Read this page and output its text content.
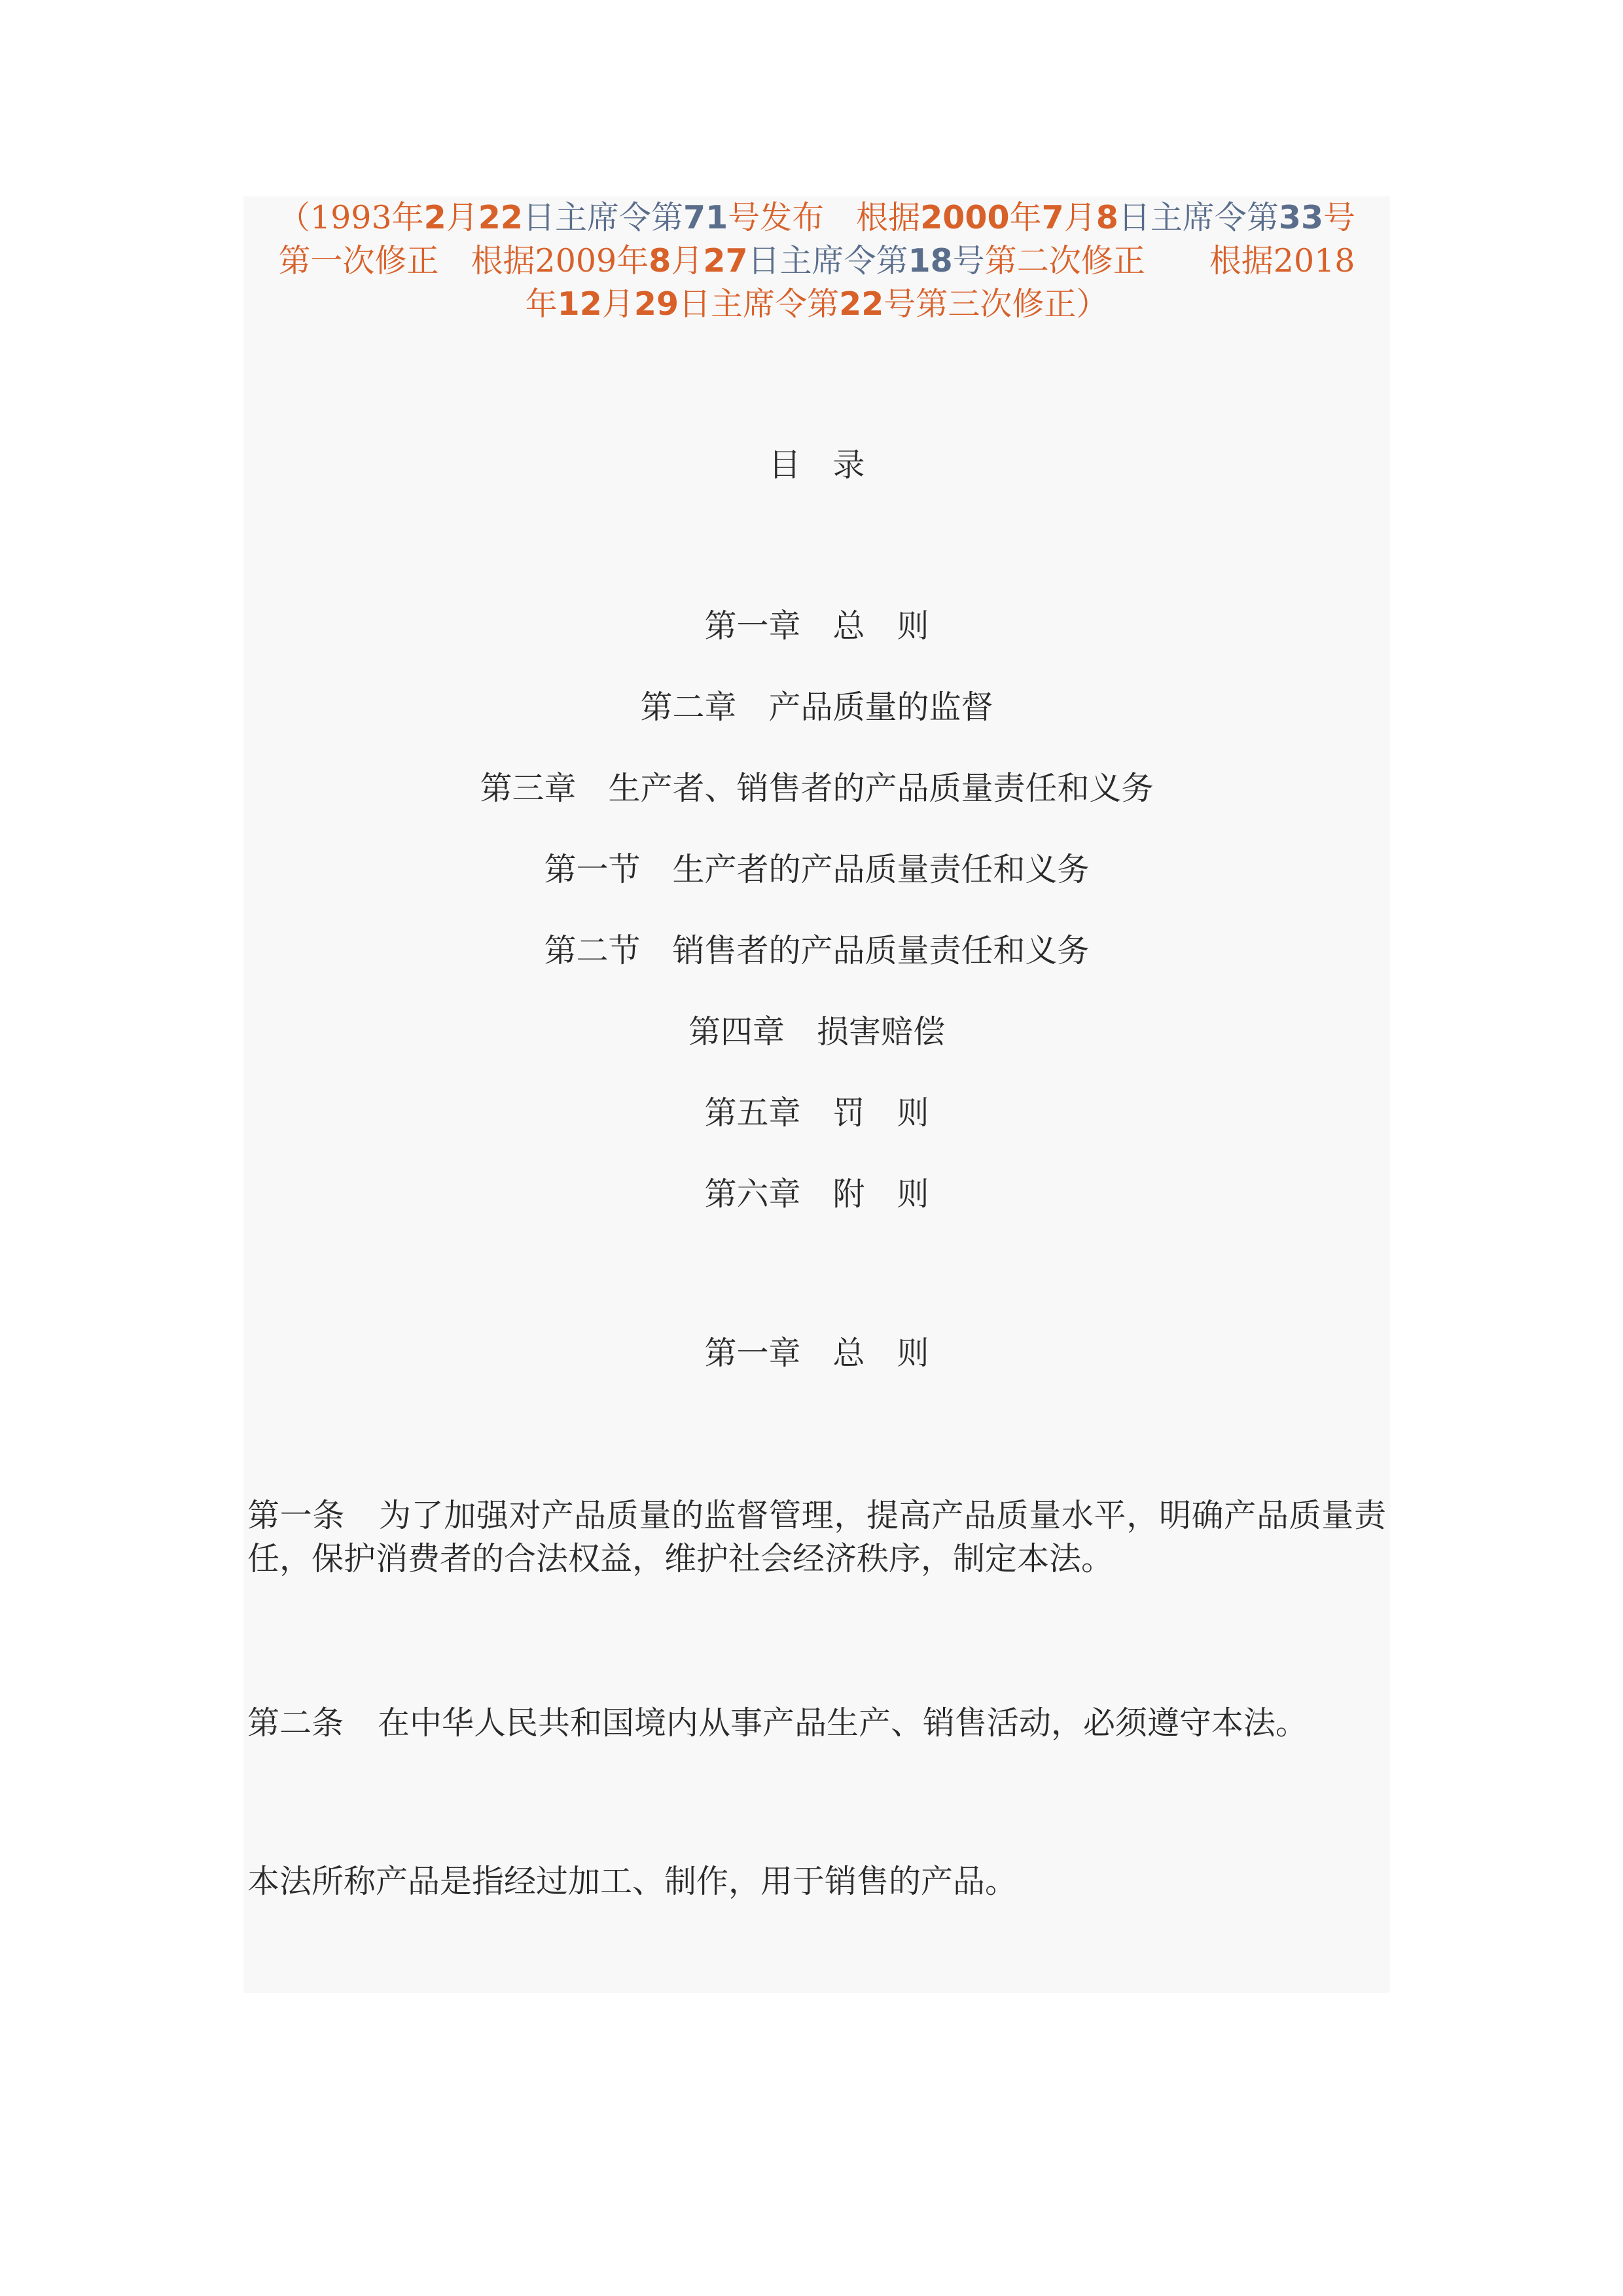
（1993年2月22日主席令第71号发布　根据2000年7月8日主席令第33号
第一次修正　根据2009年8月27日主席令第18号第二次修正　　根据2018
年12月29日主席令第22号第三次修正）
目　录
第一章　总　则
第二章　产品质量的监督
第三章　生产者、销售者的产品质量责任和义务
第一节　生产者的产品质量责任和义务
第二节　销售者的产品质量责任和义务
第四章　损害赔偿
第五章　罚　则
第六章　附　则
第一章　总　则
第一条 为了加强对产品质量的监督管理，提高产品质量水平，明确产品质量责任，保护消费者的合法权益，维护社会经济秩序，制定本法。
第二条 在中华人民共和国境内从事产品生产、销售活动，必须遵守本法。
本法所称产品是指经过加工、制作，用于销售的产品。
